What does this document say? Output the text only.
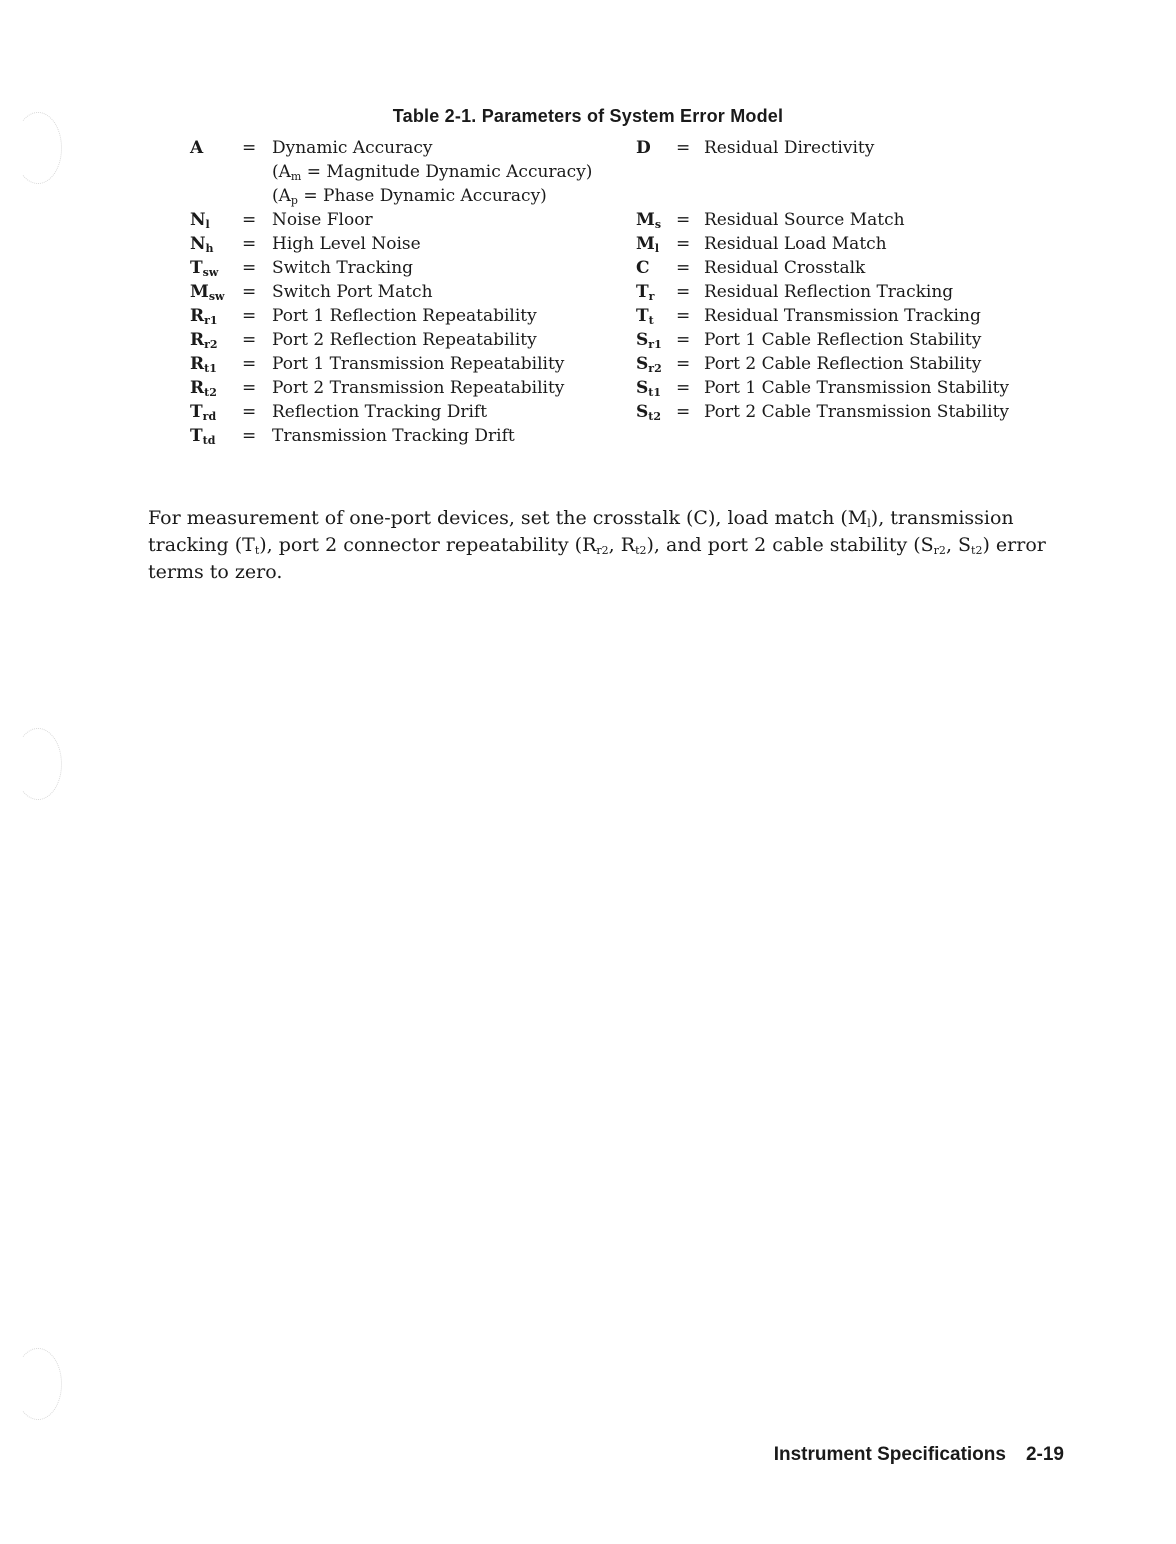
Table 2-1. Parameters of System Error Model
A	= Dynamic Accuracy
($A_m$ = Magnitude Dynamic Accuracy)
($A_p$ = Phase Dynamic Accuracy)
$N_l$	= Noise Floor
$N_h$	= High Level Noise
$T_{sw}$	= Switch Tracking
$M_{sw}$	= Switch Port Match
$R_{r1}$	= Port 1 Reflection Repeatability
$R_{r2}$	= Port 2 Reflection Repeatability
$R_{t1}$	= Port 1 Transmission Repeatability
$R_{t2}$	= Port 2 Transmission Repeatability
$T_{rd}$	= Reflection Tracking Drift
$T_{td}$	= Transmission Tracking Drift
D	= Residual Directivity
$M_s$ = Residual Source Match
$M_l$ = Residual Load Match
C	= Residual Crosstalk
$T_r$	= Residual Reflection Tracking
$T_t$	= Residual Transmission Tracking
$S_{r1}$ = Port 1 Cable Reflection Stability
$S_{r2}$ = Port 2 Cable Reflection Stability
$S_{t1}$ = Port 1 Cable Transmission Stability
$S_{t2}$ = Port 2 Cable Transmission Stability

For measurement of one-port devices, set the crosstalk (C), load match $(M_l)$, transmission tracking $(T_t)$, port 2 connector repeatability ($R_{r2}$, $R_{t2}$), and port 2 cable stability ($S_{r2}$, $S_{t2}$) error terms to zero.

Instrument Specifications 2-19
